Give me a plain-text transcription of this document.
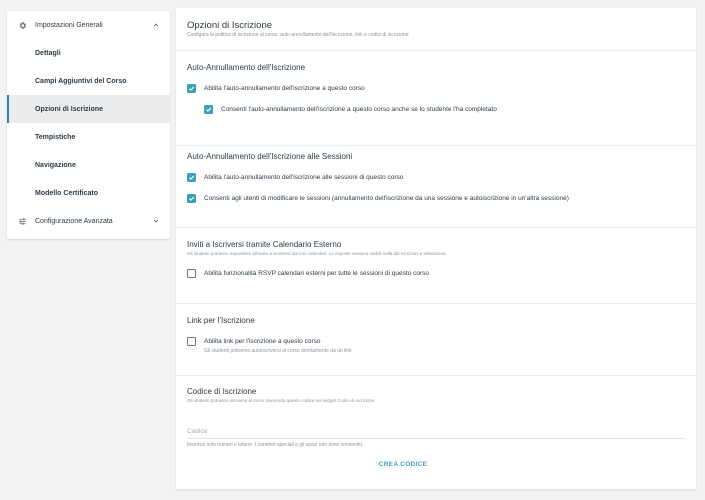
Impostazioni Generali
Dettagli
Campi Aggiuntivi del Corso
Opzioni di Iscrizione
Tempistiche
Navigazione
Modello Certificato
Configurazione Avanzata
Opzioni di Iscrizione
Configura la politica di iscrizione al corso: auto-annullamento dell'iscrizione, link e codici di iscrizione
Auto-Annullamento dell'Iscrizione
Abilita l'auto-annullamento dell'iscrizione a questo corso
Consenti l'auto-annullamento dell'iscrizione a questo corso anche se lo studente l'ha completato
Auto-Annullamento dell'Iscrizione alle Sessioni
Abilita l'auto-annullamento dell'iscrizione alle sessioni di questo corso
Consenti agli utenti di modificare le sessioni (annullamento dell'iscrizione da una sessione e autoiscrizione in un'altra sessione)
Inviti a Iscriversi tramite Calendario Esterno
Gli studenti potranno rispondere all'invito a iscriversi dai loro calendari. Le risposte saranno visibili nella tab Iscrizioni e Valutazioni.
Abilita funzionalità RSVP calendari esterni per tutte le sessioni di questo corso
Link per l'Iscrizione
Abilita link per l'iscrizione a questo corso
Gli studenti potranno autoiscriversi al corso direttamente da un link
Codice di Iscrizione
Gli studenti potranno iscriversi al corso inserendo questo codice nel widget Codici di iscrizione
Codice
Inserisci solo numeri e lettere. I caratteri speciali e gli spazi non sono consentiti.
CREA CODICE
